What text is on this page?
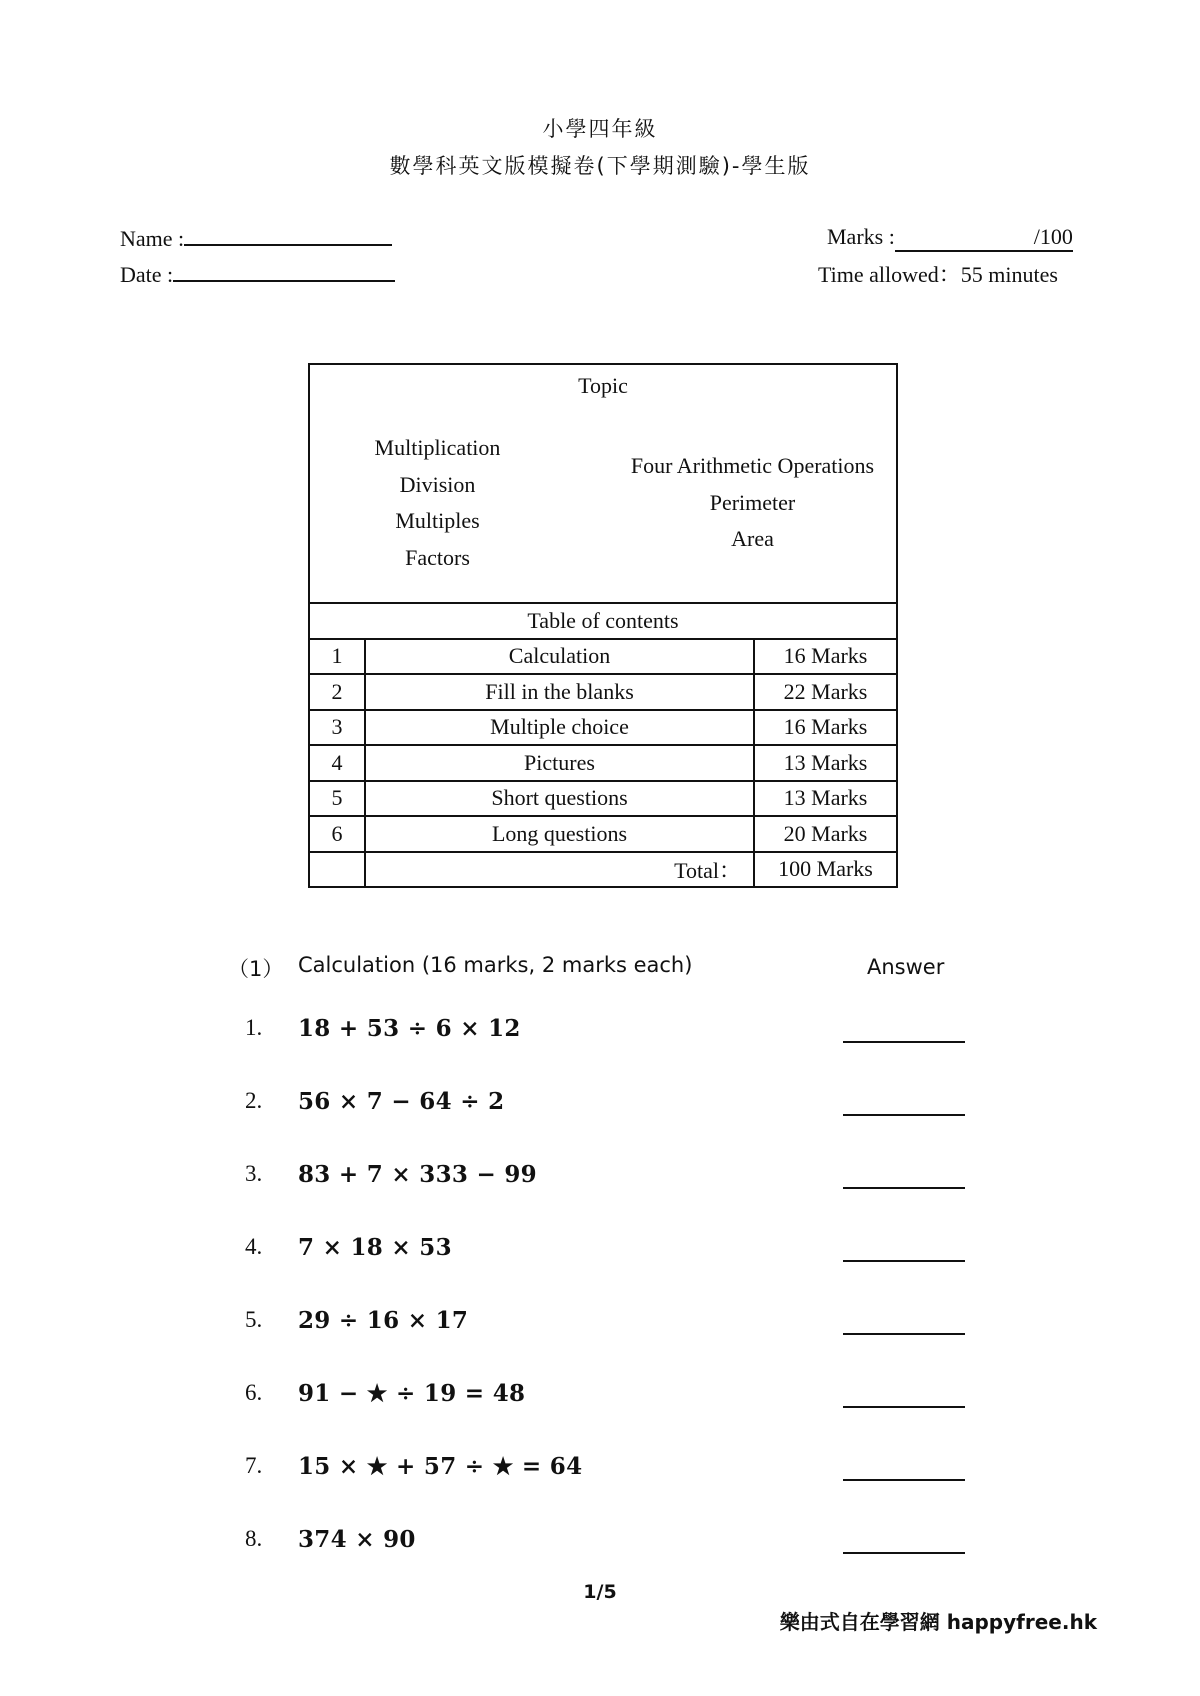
小學四年級
數學科英文版模擬卷(下學期測驗)-學生版
Name :
Date :
Marks :	/100
Time allowed：55 minutes
Topic
Multiplication
Division
Multiples
Factors
Four Arithmetic Operations
Perimeter
Area
Table of contents		
1	Calculation	16 Marks
2	Fill in the blanks	22 Marks
3	Multiple choice	16 Marks
4	Pictures	13 Marks
5	Short questions	13 Marks
6	Long questions	20 Marks
	Total：	100 Marks
（1） Calculation (16 marks, 2 marks each)	Answer
1. 18 + 53 ÷ 6 × 12
2. 56 × 7 − 64 ÷ 2
3. 83 + 7 × 333 − 99
4. 7 × 18 × 53
5. 29 ÷ 16 × 17
6. 91 − ★ ÷ 19 = 48
7. 15 × ★ + 57 ÷ ★ = 64
8. 374 × 90
1/5
樂由式自在學習網 happyfree.hk
